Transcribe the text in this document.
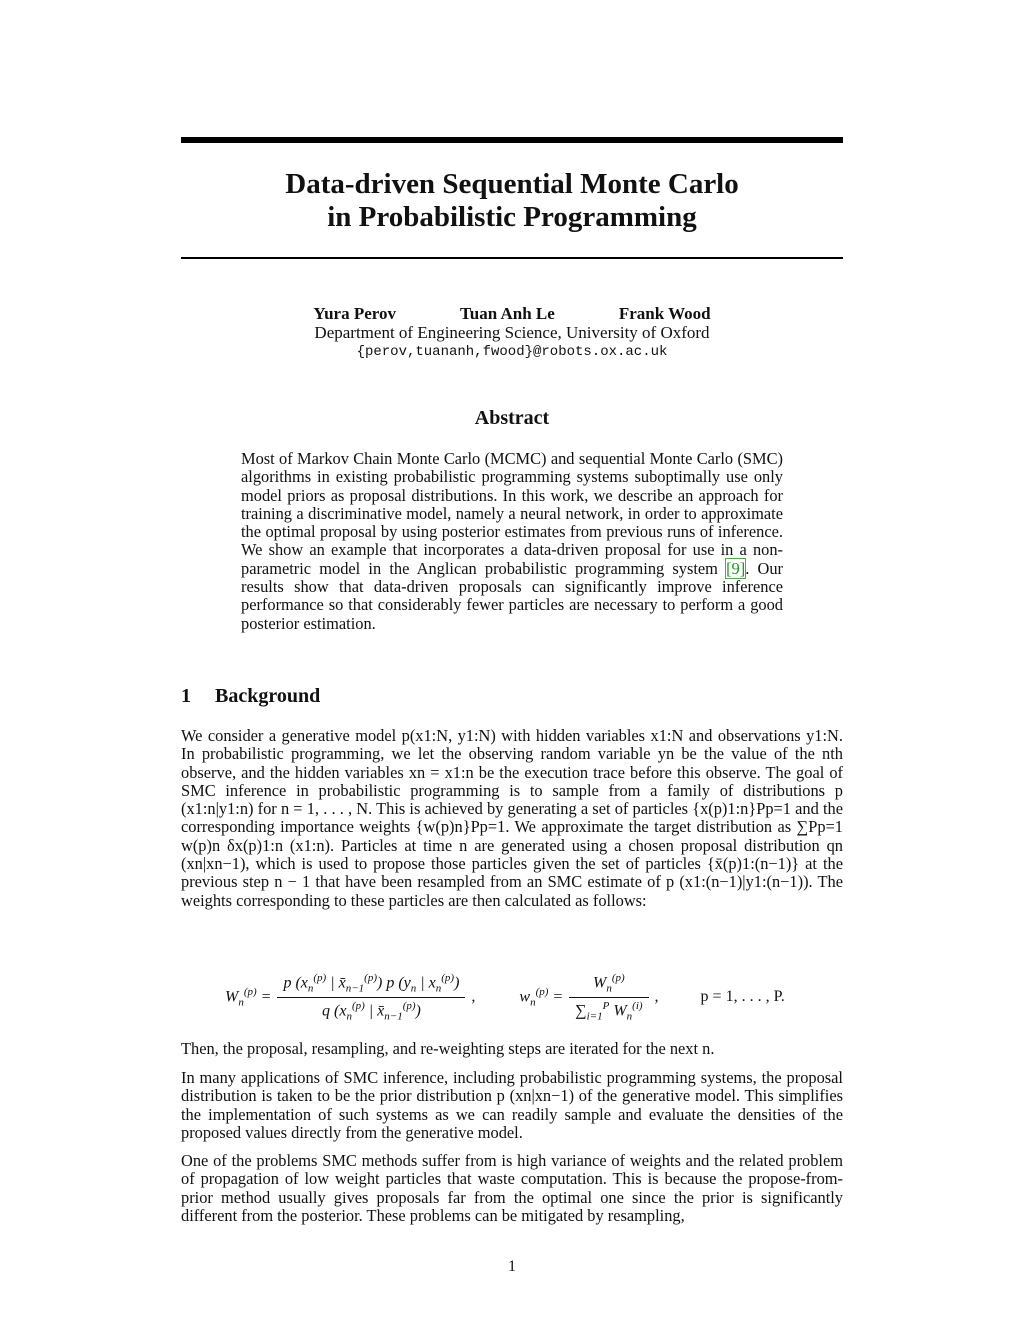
Data-driven Sequential Monte Carlo
in Probabilistic Programming
Yura Perov	Tuan Anh Le	Frank Wood
Department of Engineering Science, University of Oxford
{perov,tuananh,fwood}@robots.ox.ac.uk
Abstract
Most of Markov Chain Monte Carlo (MCMC) and sequential Monte Carlo (SMC) algorithms in existing probabilistic programming systems suboptimally use only model priors as proposal distributions. In this work, we describe an approach for training a discriminative model, namely a neural network, in order to approximate the optimal proposal by using posterior estimates from previous runs of inference. We show an example that incorporates a data-driven proposal for use in a non-parametric model in the Anglican probabilistic programming system [9]. Our results show that data-driven proposals can significantly improve inference performance so that considerably fewer particles are necessary to perform a good posterior estimation.
1 Background
We consider a generative model p(x1:N, y1:N) with hidden variables x1:N and observations y1:N. In probabilistic programming, we let the observing random variable yn be the value of the nth observe, and the hidden variables xn = x1:n be the execution trace before this observe. The goal of SMC inference in probabilistic programming is to sample from a family of distributions p (x1:n|y1:n) for n = 1, . . . , N. This is achieved by generating a set of particles {x(p)1:n}Pp=1 and the corresponding importance weights {w(p)n}Pp=1. We approximate the target distribution as ∑Pp=1 w(p)n δx(p)1:n (x1:n). Particles at time n are generated using a chosen proposal distribution qn (xn|xn−1), which is used to propose those particles given the set of particles {x̄(p)1:(n−1)} at the previous step n − 1 that have been resampled from an SMC estimate of p (x1:(n−1)|y1:(n−1)). The weights corresponding to these particles are then calculated as follows:
$W_n^{(p)} = \frac{p (x_n^{(p)} | x̄_{n-1}^{(p)}) p (y_n | x_n^{(p)})}{q (x_n^{(p)} | x̄_{n-1}^{(p)})}$ ,	$w_n^{(p)} = \frac{W_n^{(p)}}{\sum_{i=1}^P W_n^{(i)}}$ ,	p = 1, . . . , P.
Then, the proposal, resampling, and re-weighting steps are iterated for the next n.
In many applications of SMC inference, including probabilistic programming systems, the proposal distribution is taken to be the prior distribution p (xn|xn−1) of the generative model. This simplifies the implementation of such systems as we can readily sample and evaluate the densities of the proposed values directly from the generative model.
One of the problems SMC methods suffer from is high variance of weights and the related problem of propagation of low weight particles that waste computation. This is because the propose-from-prior method usually gives proposals far from the optimal one since the prior is significantly different from the posterior. These problems can be mitigated by resampling,
1
